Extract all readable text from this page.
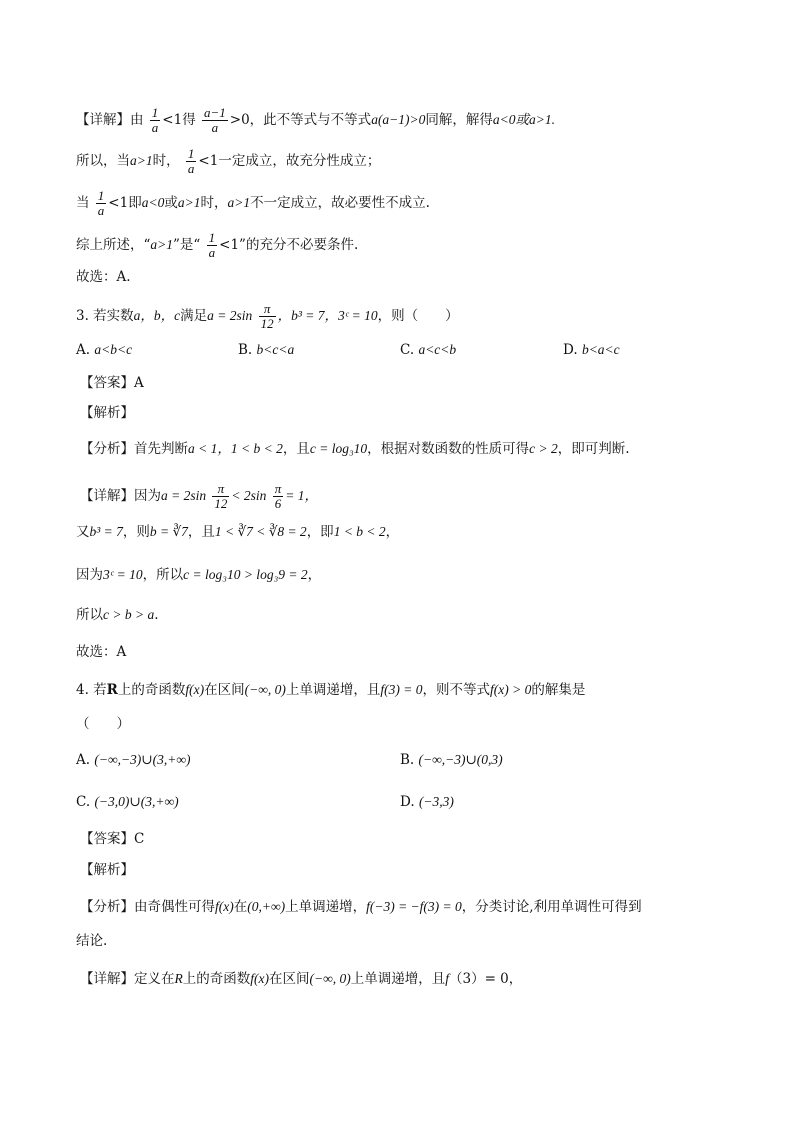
【详解】由 $\frac{1}{a} <1$得 $\frac{a-1}{a} >0$，此不等式与不等式a(a−1)>0同解，解得a<0或a>1.
所以，当a>1时， $\frac{1}{a} <1$一定成立，故充分性成立；
当 $\frac{1}{a} <1$即a<0或a>1时，a>1不一定成立，故必要性不成立.
综上所述，“a>1”是“ $\frac{1}{a} <1$”的充分不必要条件.
故选：A.
3. 若实数a，b，c满足$a = 2\sin \frac{\pi}{12}$ ，b³ = 7，3ᶜ = 10，则（　　）
A. a<b<c	B. b<c<a	C. a<c<b	D. b<a<c
【答案】A
【解析】
【分析】首先判断a < 1，1 < b < 2，且c = log₃10，根据对数函数的性质可得c > 2，即可判断.
【详解】因为$a = 2\sin \frac{\pi}{12} < 2\sin \frac{\pi}{6} = 1$，
又b³ = 7，则b = ∛7，且1 < ∛7 < ∛8 = 2，即1 < b < 2，
因为3ᶜ = 10，所以c = log₃10 > log₃9 = 2，
所以c > b > a.
故选：A
4. 若R上的奇函数f(x)在区间(−∞, 0)上单调递增，且f(3) = 0，则不等式f(x) > 0的解集是
（　　）
A. (−∞,−3)∪(3,+∞)	B. (−∞,−3)∪(0,3)
C. (−3,0)∪(3,+∞)	D. (−3,3)
【答案】C
【解析】
【分析】由奇偶性可得f(x)在(0,+∞)上单调递增，f(−3) = −f(3) = 0，分类讨论,利用单调性可得到
结论.
【详解】定义在R上的奇函数f(x)在区间(−∞, 0)上单调递增，且f（3）= 0，
